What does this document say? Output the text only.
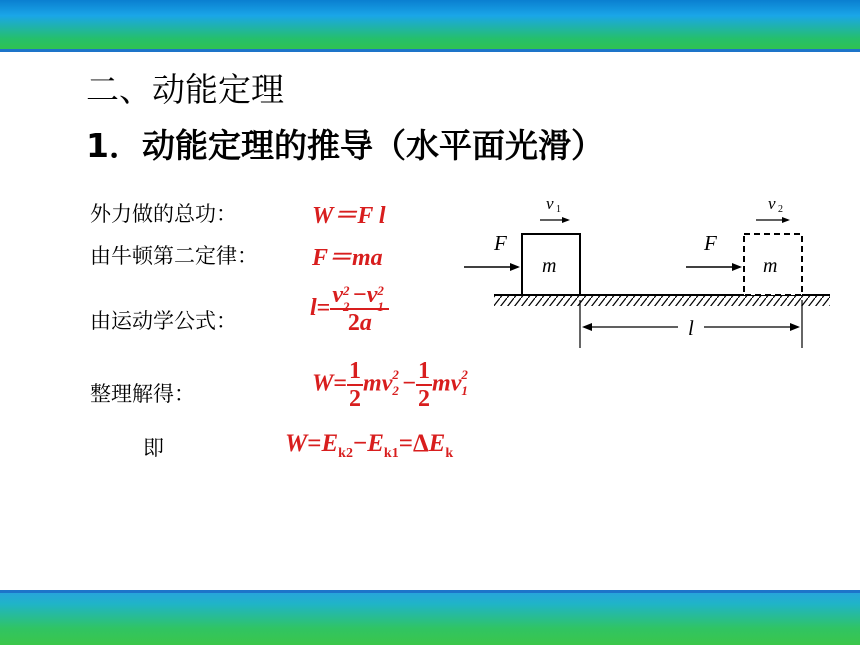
二、动能定理
1．动能定理的推导（水平面光滑）
外力做的总功：	W＝F l
由牛顿第二定律： F＝ma
由运动学公式：
l= v 2
2 −v 2
1
2a
整理解得：	$W= \frac{1}{2}$ mv 2
$2 - \frac{1}{2}$ mv 2
1
即	$W=E_{k2}-E_{k1}=\Delta E_k$
m	m
F	F
v 1	v 2
l
